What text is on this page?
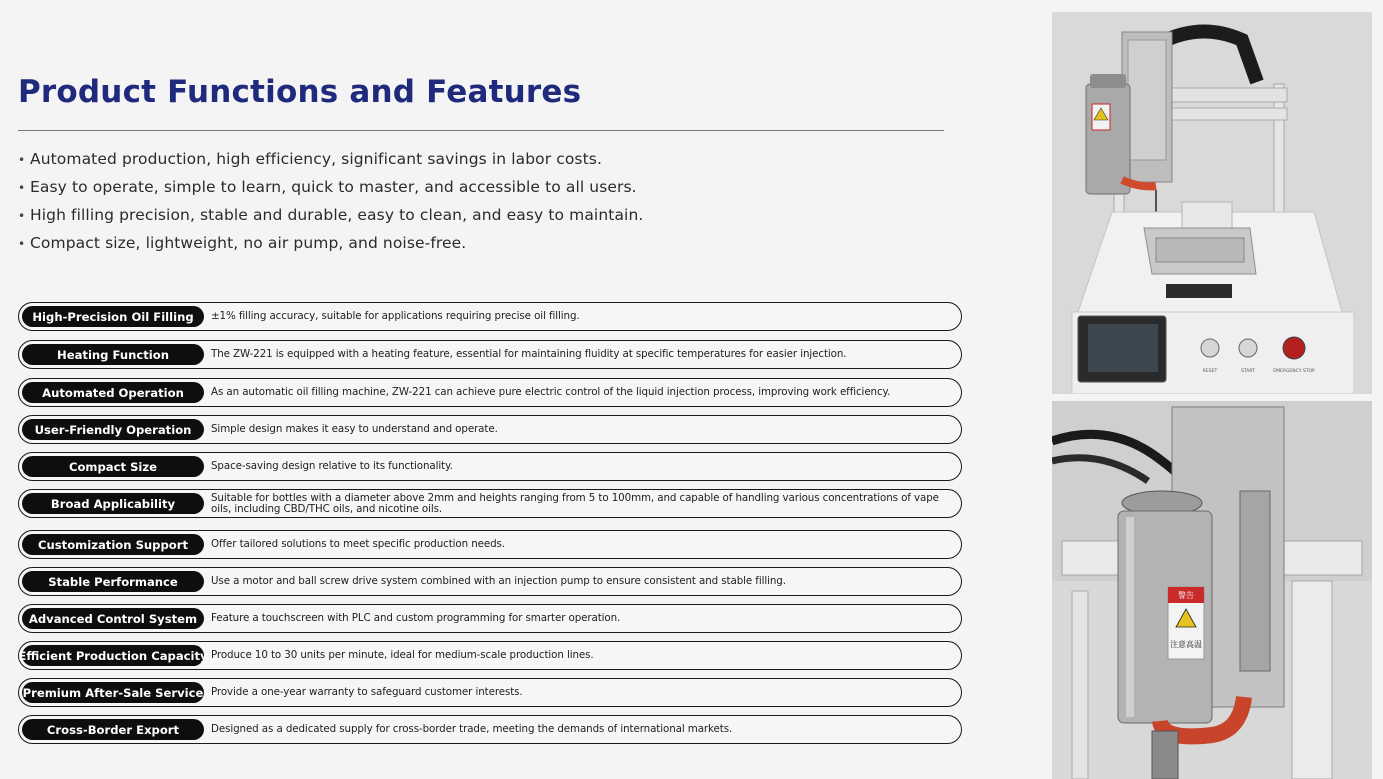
Product Functions and Features
• Automated production, high efficiency, significant savings in labor costs.
• Easy to operate, simple to learn, quick to master, and accessible to all users.
• High filling precision, stable and durable, easy to clean, and easy to maintain.
• Compact size, lightweight, no air pump, and noise-free.
High-Precision Oil Filling	±1% filling accuracy, suitable for applications requiring precise oil filling.
Heating Function	The ZW-221 is equipped with a heating feature, essential for maintaining fluidity at specific temperatures for easier injection.
Automated Operation	As an automatic oil filling machine, ZW-221 can achieve pure electric control of the liquid injection process, improving work efficiency.
User-Friendly Operation	Simple design makes it easy to understand and operate.
Compact Size	Space-saving design relative to its functionality.
Broad Applicability	Suitable for bottles with a diameter above 2mm and heights ranging from 5 to 100mm, and capable of handling various concentrations of vape oils, including CBD/THC oils, and nicotine oils.
Customization Support	Offer tailored solutions to meet specific production needs.
Stable Performance	Use a motor and ball screw drive system combined with an injection pump to ensure consistent and stable filling.
Advanced Control System	Feature a touchscreen with PLC and custom programming for smarter operation.
Efficient Production Capacity Produce 10 to 30 units per minute, ideal for medium-scale production lines.
Premium After-Sale Service Provide a one-year warranty to safeguard customer interests.
Cross-Border Export	Designed as a dedicated supply for cross-border trade, meeting the demands of international markets.
RESET	START	EMERGENCY STOP
警告
注意高温
